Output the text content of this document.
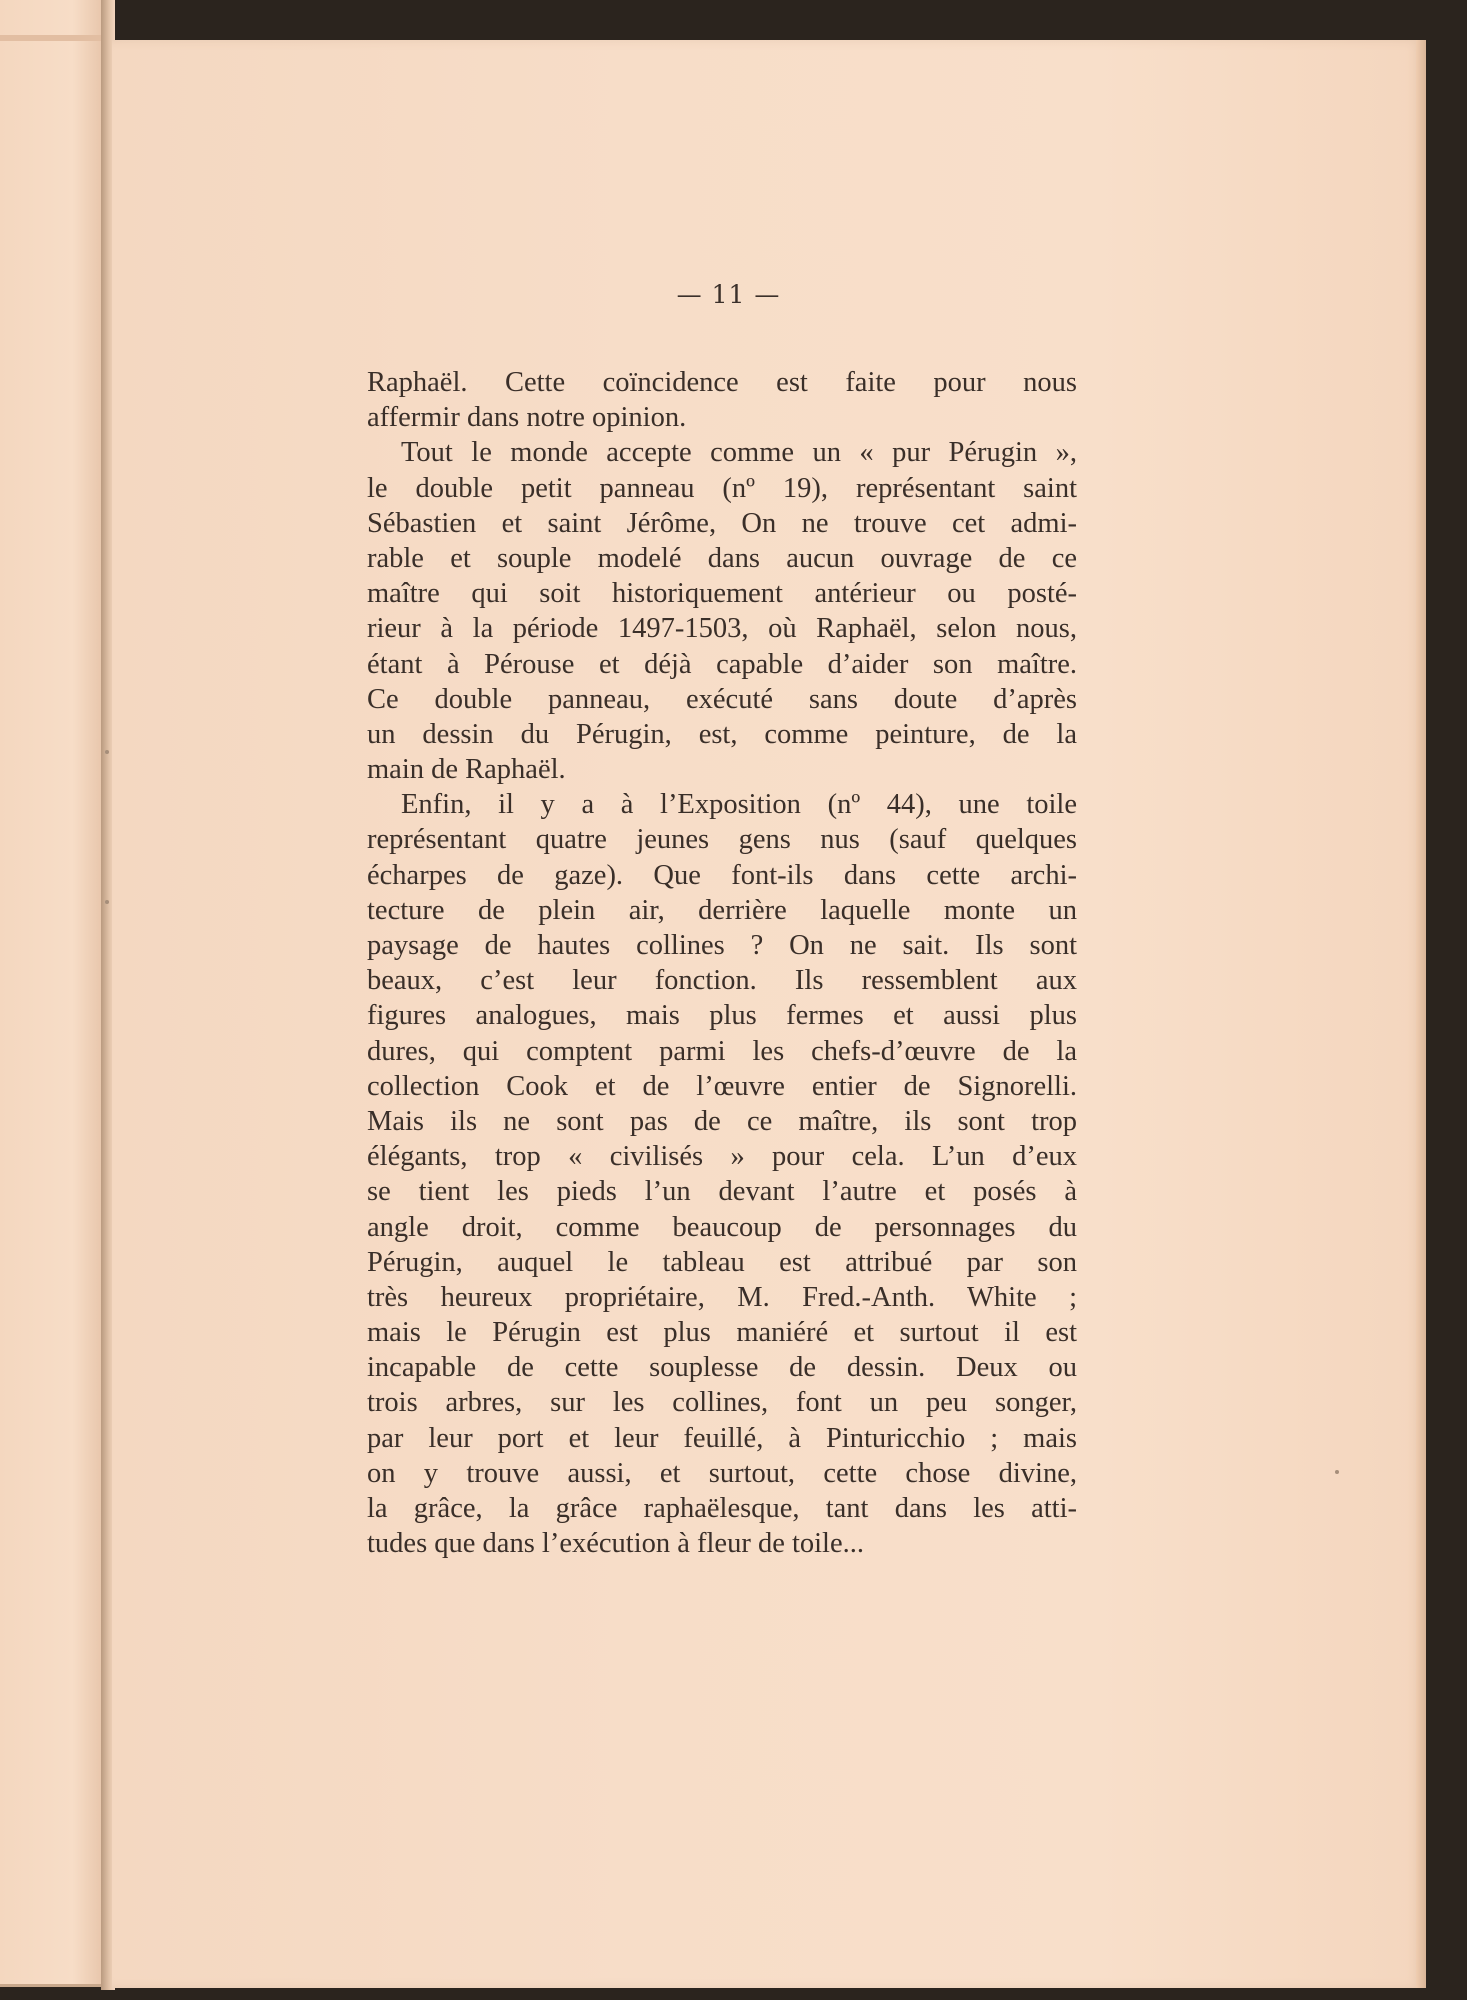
— 11 —
Raphaël. Cette coïncidence est faite pour nous
affermir dans notre opinion.
Tout le monde accepte comme un « pur Pérugin »,
le double petit panneau (nº 19), représentant saint
Sébastien et saint Jérôme, On ne trouve cet admi-
rable et souple modelé dans aucun ouvrage de ce
maître qui soit historiquement antérieur ou posté-
rieur à la période 1497-1503, où Raphaël, selon nous,
étant à Pérouse et déjà capable d’aider son maître.
Ce double panneau, exécuté sans doute d’après
un dessin du Pérugin, est, comme peinture, de la
main de Raphaël.
Enfin, il y a à l’Exposition (nº 44), une toile
représentant quatre jeunes gens nus (sauf quelques
écharpes de gaze). Que font-ils dans cette archi-
tecture de plein air, derrière laquelle monte un
paysage de hautes collines ? On ne sait. Ils sont
beaux, c’est leur fonction. Ils ressemblent aux
figures analogues, mais plus fermes et aussi plus
dures, qui comptent parmi les chefs-d’œuvre de la
collection Cook et de l’œuvre entier de Signorelli.
Mais ils ne sont pas de ce maître, ils sont trop
élégants, trop « civilisés » pour cela. L’un d’eux
se tient les pieds l’un devant l’autre et posés à
angle droit, comme beaucoup de personnages du
Pérugin, auquel le tableau est attribué par son
très heureux propriétaire, M. Fred.-Anth. White ;
mais le Pérugin est plus maniéré et surtout il est
incapable de cette souplesse de dessin. Deux ou
trois arbres, sur les collines, font un peu songer,
par leur port et leur feuillé, à Pinturicchio ; mais
on y trouve aussi, et surtout, cette chose divine,
la grâce, la grâce raphaëlesque, tant dans les atti-
tudes que dans l’exécution à fleur de toile...
